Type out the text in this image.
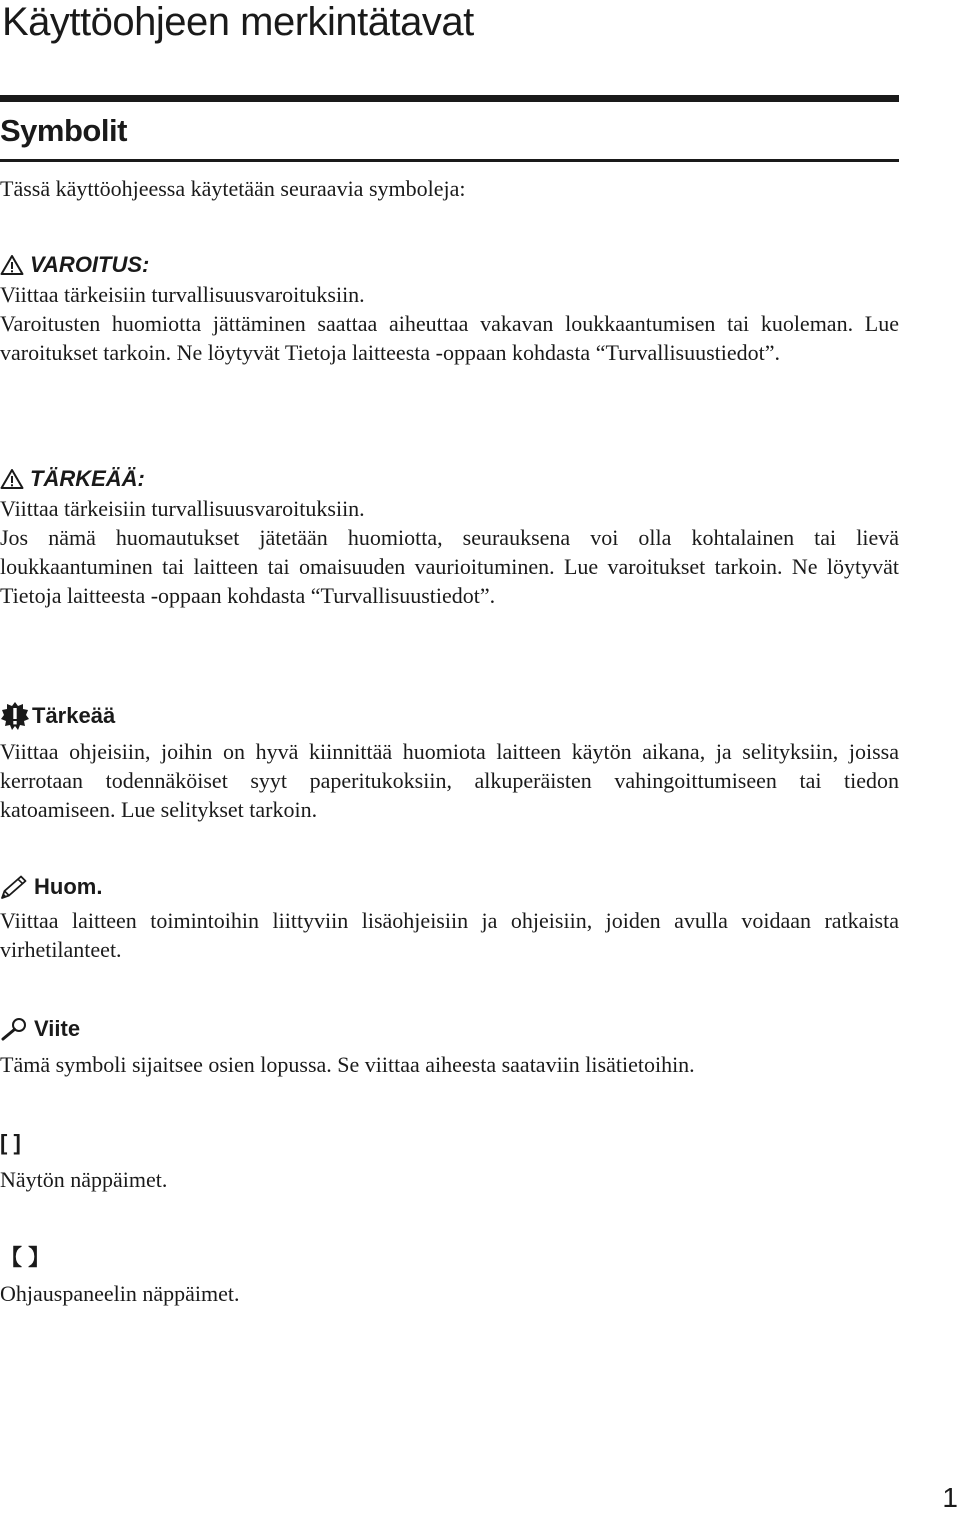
Käyttöohjeen merkintätavat
Symbolit

Tässä käyttöohjeessa käytetään seuraavia symboleja:

VAROITUS:

Viittaa tärkeisiin turvallisuusvaroituksiin.

Varoitusten huomiotta jättäminen saattaa aiheuttaa vakavan loukkaantumisen tai kuoleman. Lue varoitukset tarkoin. Ne löytyvät Tietoja laitteesta -oppaan kohdasta “Turvallisuustiedot”.

TÄRKEÄÄ:

Viittaa tärkeisiin turvallisuusvaroituksiin.

Jos nämä huomautukset jätetään huomiotta, seurauksena voi olla kohtalainen tai lievä loukkaantuminen tai laitteen tai omaisuuden vaurioituminen. Lue varoitukset tarkoin. Ne löytyvät Tietoja laitteesta -oppaan kohdasta “Turvallisuustiedot”.

Tärkeää

Viittaa ohjeisiin, joihin on hyvä kiinnittää huomiota laitteen käytön aikana, ja selityksiin, joissa kerrotaan todennäköiset syyt paperitukoksiin, alkuperäisten vahingoittumiseen tai tiedon katoamiseen. Lue selitykset tarkoin.

Huom.

Viittaa laitteen toimintoihin liittyviin lisäohjeisiin ja ohjeisiin, joiden avulla voidaan ratkaista virhetilanteet.

Viite

Tämä symboli sijaitsee osien lopussa. Se viittaa aiheesta saataviin lisätietoihin.

[ ]

Näytön näppäimet.

【 】

Ohjauspaneelin näppäimet.

1
